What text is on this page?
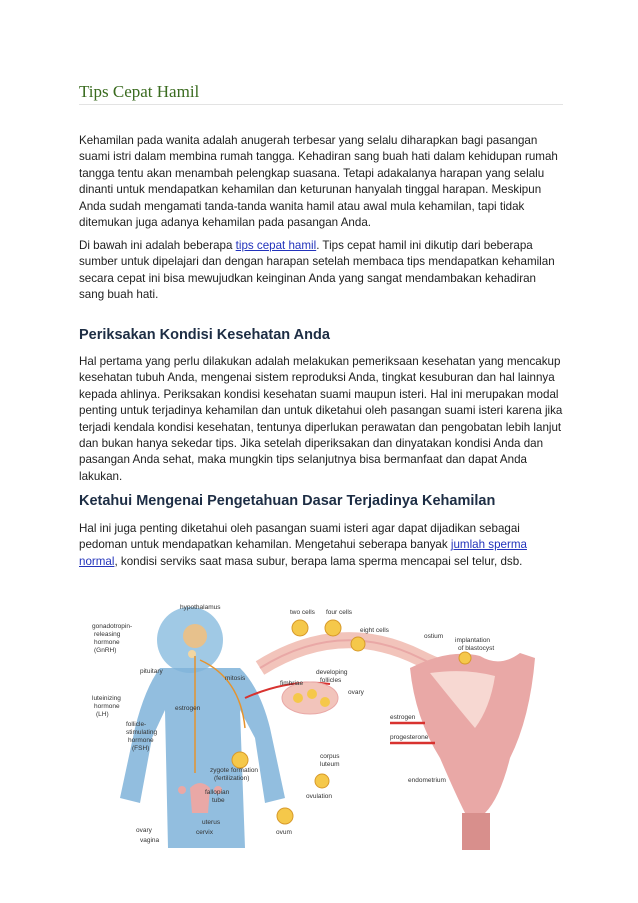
Tips Cepat Hamil

Kehamilan pada wanita adalah anugerah terbesar yang selalu diharapkan bagi pasangan suami istri dalam membina rumah tangga. Kehadiran sang buah hati dalam kehidupan rumah tangga tentu akan menambah pelengkap suasana. Tetapi adakalanya harapan yang selalu dinanti untuk mendapatkan kehamilan dan keturunan hanyalah tinggal harapan. Meskipun Anda sudah mengamati tanda-tanda wanita hamil atau awal mula kehamilan, tapi tidak ditemukan juga adanya kehamilan pada pasangan Anda.

Di bawah ini adalah beberapa tips cepat hamil. Tips cepat hamil ini dikutip dari beberapa sumber untuk dipelajari dan dengan harapan setelah membaca tips mendapatkan kehamilan secara cepat ini bisa mewujudkan keinginan Anda yang sangat mendambakan kehadiran sang buah hati.

Periksakan Kondisi Kesehatan Anda

Hal pertama yang perlu dilakukan adalah melakukan pemeriksaan kesehatan yang mencakup kesehatan tubuh Anda, mengenai sistem reproduksi Anda, tingkat kesuburan dan hal lainnya kepada ahlinya. Periksakan kondisi kesehatan suami maupun isteri. Hal ini merupakan modal penting untuk terjadinya kehamilan dan untuk diketahui oleh pasangan suami isteri karena jika terjadi kendala kondisi kesehatan, tentunya diperlukan perawatan dan pengobatan lebih lanjut dan bukan hanya sekedar tips. Jika setelah diperiksakan dan dinyatakan kondisi Anda dan pasangan Anda sehat, maka mungkin tips selanjutnya bisa bermanfaat dan dapat Anda lakukan.

Ketahui Mengenai Pengetahuan Dasar Terjadinya Kehamilan

Hal ini juga penting diketahui oleh pasangan suami isteri agar dapat dijadikan sebagai pedoman untuk mendapatkan kehamilan. Mengetahui seberapa banyak jumlah sperma normal, kondisi serviks saat masa subur, berapa lama sperma mencapai sel telur, dsb.

hypothalamus
gonadotropin-
releasing
hormone
(GnRH)
pituitary
luteinizing
hormone
(LH)
estrogen
follicle-
stimulating
hormone
(FSH)
mitosis
two cells four cells
eight cells
fimbriae
developing
follicles
ovary
ostium
implantation
of blastocyst
estrogen
progesterone
zygote formation
(fertilization)
fallopian
tube
uterus
cervix
ovary
vagina
corpus
luteum
ovulation
ovum
endometrium
